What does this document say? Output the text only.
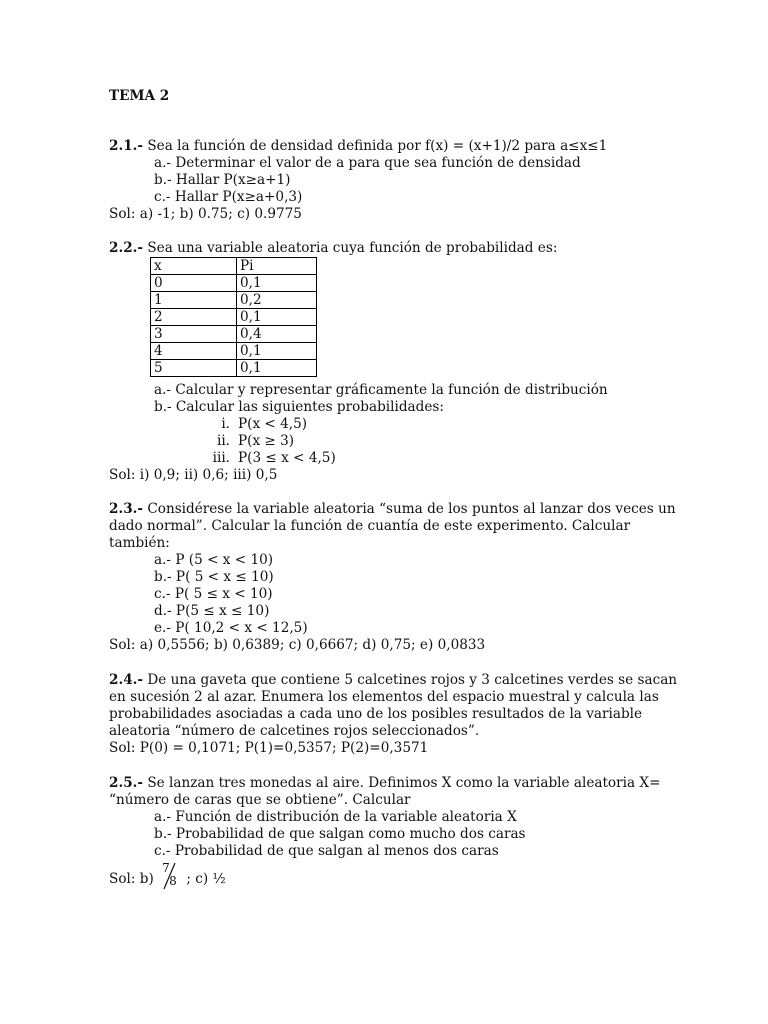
TEMA 2
2.1.- Sea la función de densidad definida por f(x) = (x+1)/2 para a≤x≤1
a.- Determinar el valor de a para que sea función de densidad
b.- Hallar P(x≥a+1)
c.- Hallar P(x≥a+0,3)
Sol: a) -1; b) 0.75; c) 0.9775
2.2.- Sea una variable aleatoria cuya función de probabilidad es:
x	Pi
0	0,1
1	0,2
2	0,1
3	0,4
4	0,1
5	0,1
a.- Calcular y representar gráficamente la función de distribución
b.- Calcular las siguientes probabilidades:
i. P(x < 4,5)
ii. P(x ≥ 3)
iii. P(3 ≤ x < 4,5)
Sol: i) 0,9; ii) 0,6; iii) 0,5
2.3.- Considérese la variable aleatoria “suma de los puntos al lanzar dos veces un
dado normal”. Calcular la función de cuantía de este experimento. Calcular
también:
a.- P (5 < x < 10)
b.- P( 5 < x ≤ 10)
c.- P( 5 ≤ x < 10)
d.- P(5 ≤ x ≤ 10)
e.- P( 10,2 < x < 12,5)
Sol: a) 0,5556; b) 0,6389; c) 0,6667; d) 0,75; e) 0,0833
2.4.- De una gaveta que contiene 5 calcetines rojos y 3 calcetines verdes se sacan
en sucesión 2 al azar. Enumera los elementos del espacio muestral y calcula las
probabilidades asociadas a cada uno de los posibles resultados de la variable
aleatoria “número de calcetines rojos seleccionados”.
Sol: P(0) = 0,1071; P(1)=0,5357; P(2)=0,3571
2.5.- Se lanzan tres monedas al aire. Definimos X como la variable aleatoria X=
“número de caras que se obtiene”. Calcular
a.- Función de distribución de la variable aleatoria X
b.- Probabilidad de que salgan como mucho dos caras
c.- Probabilidad de que salgan al menos dos caras
Sol: b)
7
8 ; c) ½
